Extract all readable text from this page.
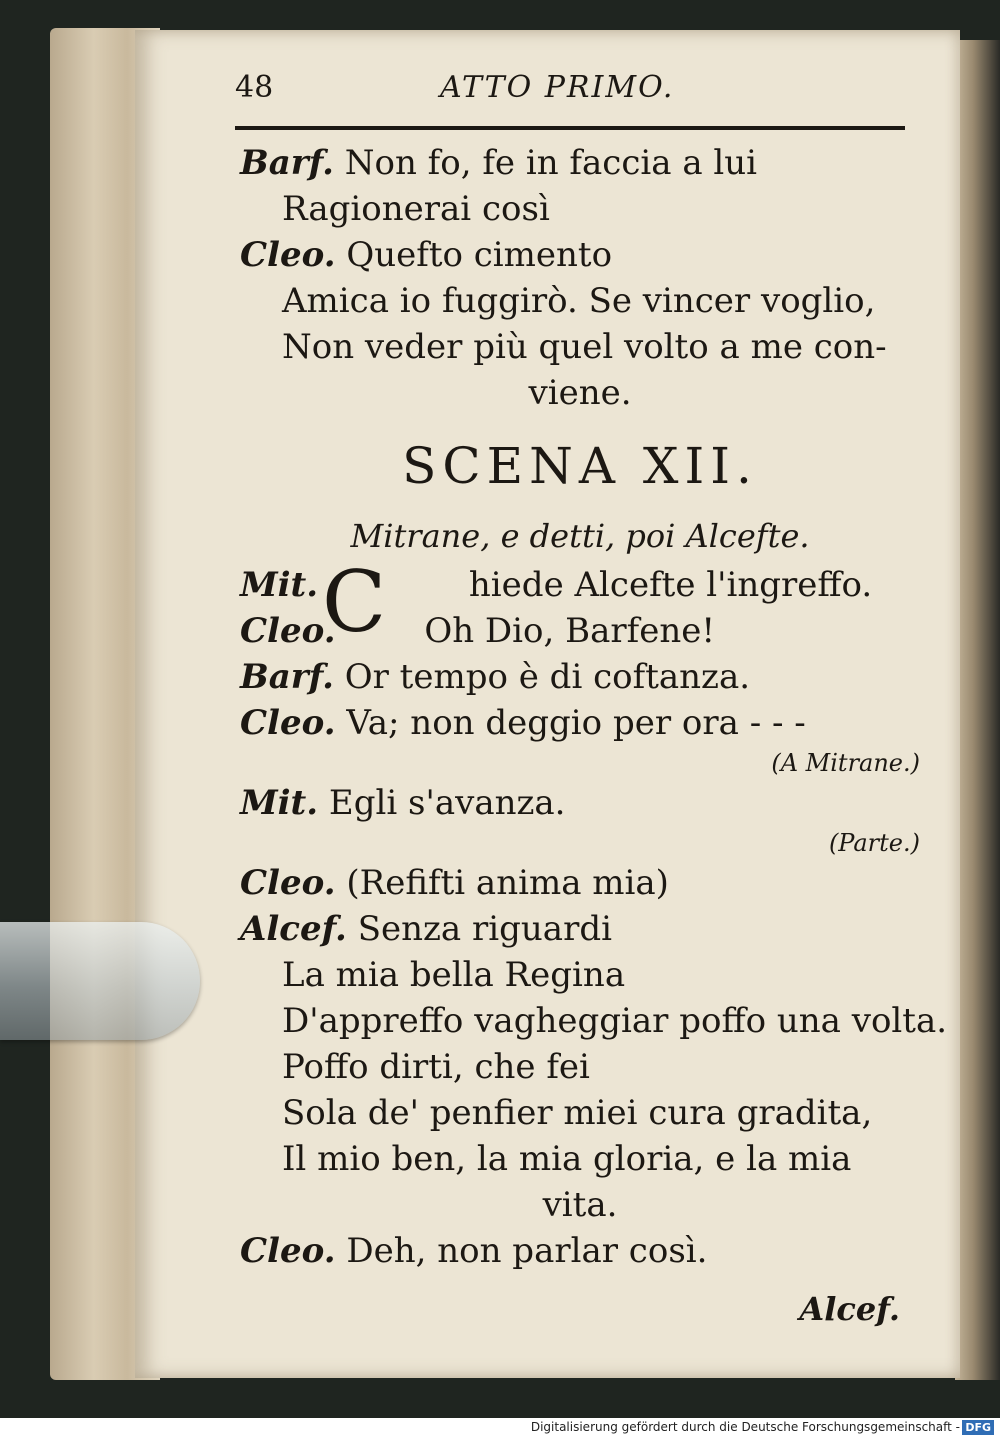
48	ATTO PRIMO.
Barf. Non fo, fe in faccia a lui
Ragionerai così
Cleo. Quefto cimento
Amica io fuggirò. Se vincer voglio,
Non veder più quel volto a me con-
viene.
SCENA XII.
Mitrane, e detti, poi Alcefte.
Mit. C hiede Alcefte l'ingreffo.
Cleo.	Oh Dio, Barfene!
Barf. Or tempo è di coftanza.
Cleo. Va; non deggio per ora - - -
(A Mitrane.)
Mit. Egli s'avanza.
(Parte.)
Cleo. (Refifti anima mia)
Alcef. Senza riguardi
La mia bella Regina
D'appreffo vagheggiar poffo una volta.
Poffo dirti, che fei
Sola de' penfier miei cura gradita,
Il mio ben, la mia gloria, e la mia
vita.
Cleo. Deh, non parlar così.
Alcef.
Digitalisierung gefördert durch die Deutsche Forschungsgemeinschaft - DFG
